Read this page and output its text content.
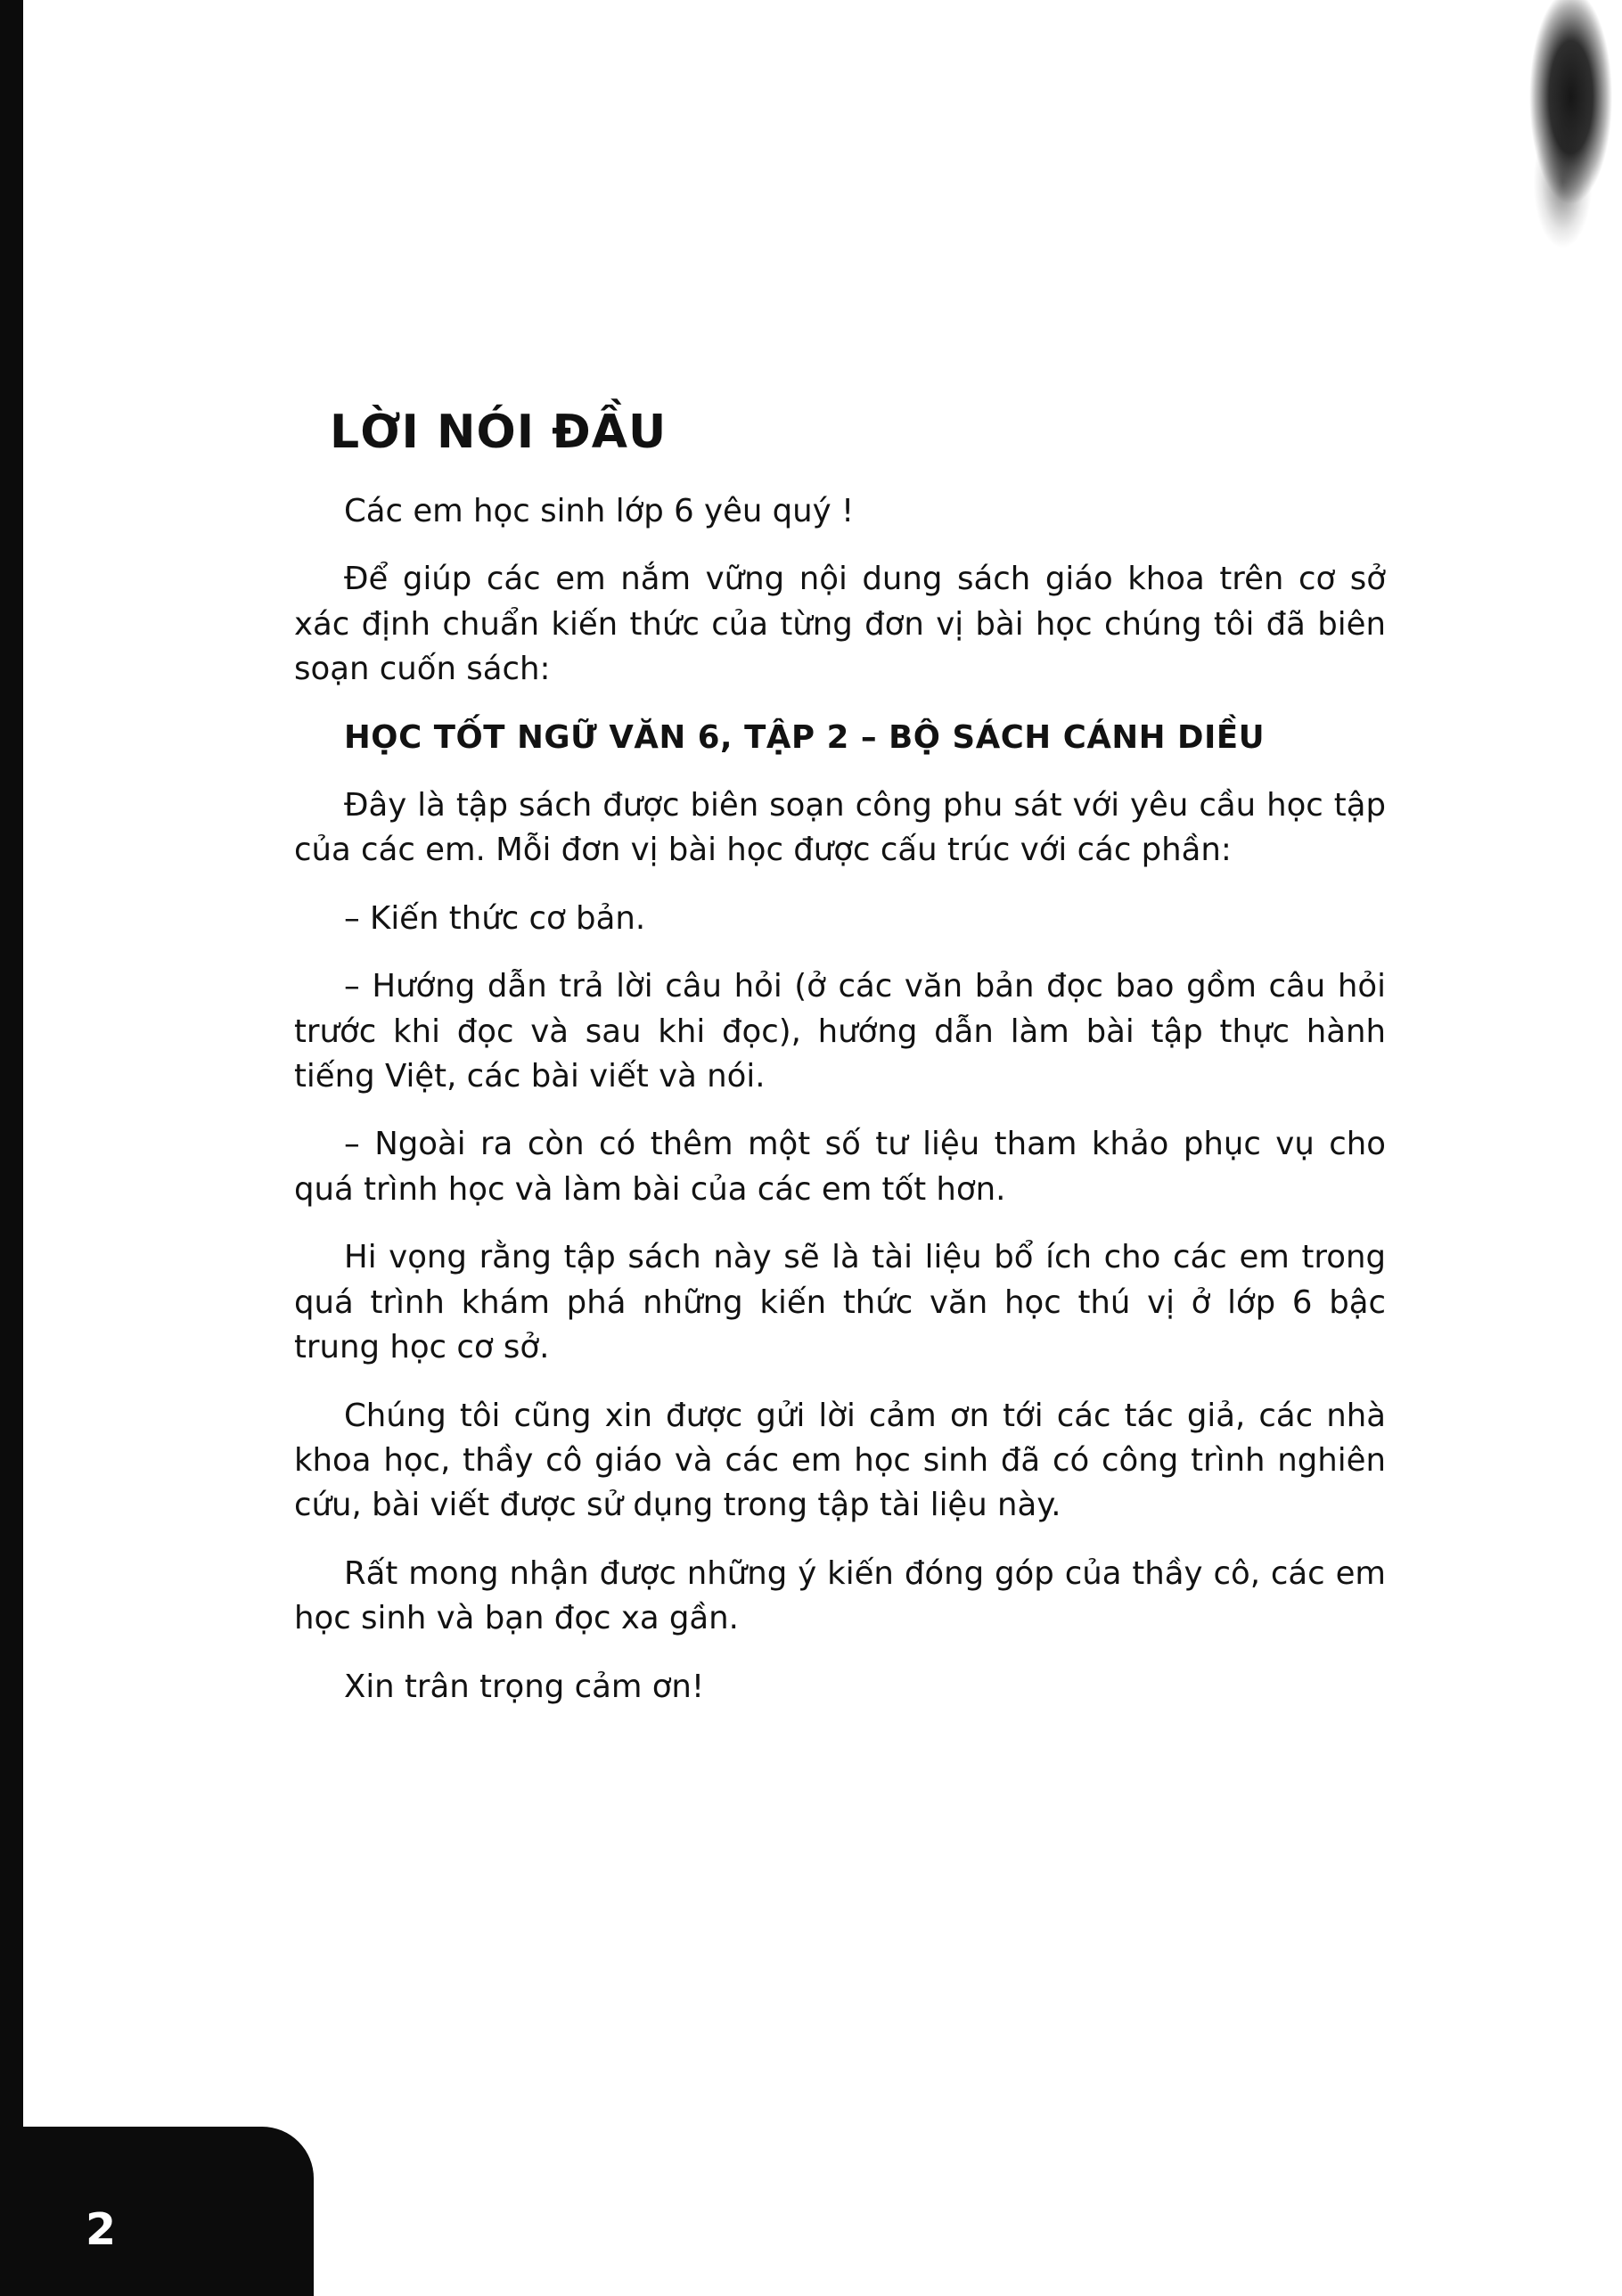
LỜI NÓI ĐẦU

Các em học sinh lớp 6 yêu quý !

Để giúp các em nắm vững nội dung sách giáo khoa trên cơ sở xác định chuẩn kiến thức của từng đơn vị bài học chúng tôi đã biên soạn cuốn sách:

HỌC TỐT NGỮ VĂN 6, TẬP 2 – BỘ SÁCH CÁNH DIỀU

Đây là tập sách được biên soạn công phu sát với yêu cầu học tập của các em. Mỗi đơn vị bài học được cấu trúc với các phần:

– Kiến thức cơ bản.

– Hướng dẫn trả lời câu hỏi (ở các văn bản đọc bao gồm câu hỏi trước khi đọc và sau khi đọc), hướng dẫn làm bài tập thực hành tiếng Việt, các bài viết và nói.

– Ngoài ra còn có thêm một số tư liệu tham khảo phục vụ cho quá trình học và làm bài của các em tốt hơn.

Hi vọng rằng tập sách này sẽ là tài liệu bổ ích cho các em trong quá trình khám phá những kiến thức văn học thú vị ở lớp 6 bậc trung học cơ sở.

Chúng tôi cũng xin được gửi lời cảm ơn tới các tác giả, các nhà khoa học, thầy cô giáo và các em học sinh đã có công trình nghiên cứu, bài viết được sử dụng trong tập tài liệu này.

Rất mong nhận được những ý kiến đóng góp của thầy cô, các em học sinh và bạn đọc xa gần.

Xin trân trọng cảm ơn!

2
